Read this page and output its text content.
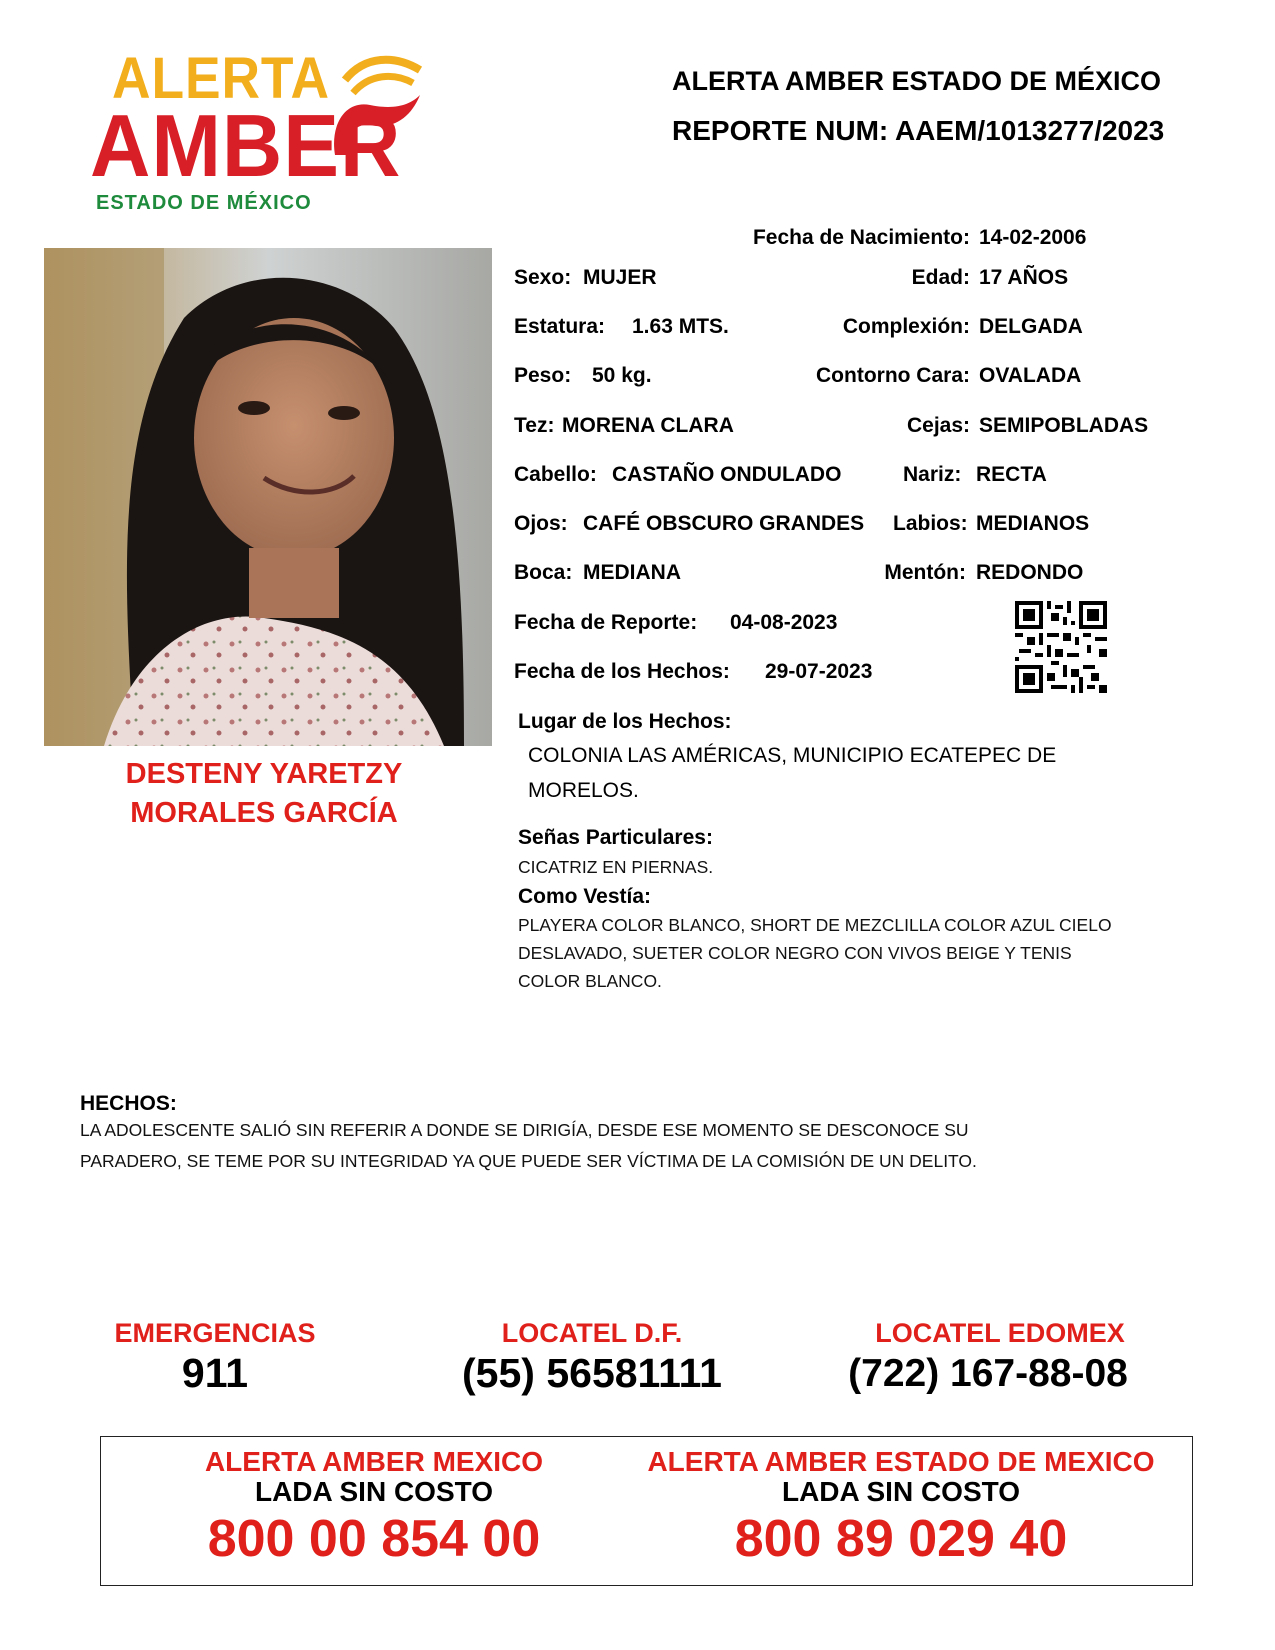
ALERTA
AMBER
ESTADO DE MÉXICO
ALERTA AMBER ESTADO DE MÉXICO
REPORTE NUM: AAEM/1013277/2023
DESTENY YARETZY
MORALES GARCÍA
Fecha de Nacimiento: 14-02-2006
Sexo: MUJER	Edad: 17 AÑOS
Estatura: 1.63 MTS.	Complexión: DELGADA
Peso: 50 kg.	Contorno Cara: OVALADA
Tez: MORENA CLARA	Cejas: SEMIPOBLADAS
Cabello: CASTAÑO ONDULADO	Nariz: RECTA
Ojos: CAFÉ OBSCURO GRANDES Labios: MEDIANOS
Boca: MEDIANA	Mentón: REDONDO
Fecha de Reporte: 04-08-2023
Fecha de los Hechos: 29-07-2023
Lugar de los Hechos:
COLONIA LAS AMÉRICAS, MUNICIPIO ECATEPEC DE
MORELOS.
Señas Particulares:
CICATRIZ EN PIERNAS.
Como Vestía:
PLAYERA COLOR BLANCO, SHORT DE MEZCLILLA COLOR AZUL CIELO
DESLAVADO, SUETER COLOR NEGRO CON VIVOS BEIGE Y TENIS
COLOR BLANCO.
HECHOS:
LA ADOLESCENTE SALIÓ SIN REFERIR A DONDE SE DIRIGÍA, DESDE ESE MOMENTO SE DESCONOCE SU
PARADERO, SE TEME POR SU INTEGRIDAD YA QUE PUEDE SER VÍCTIMA DE LA COMISIÓN DE UN DELITO.
EMERGENCIAS
911
LOCATEL D.F.
(55) 56581111
LOCATEL EDOMEX
(722) 167-88-08
ALERTA AMBER MEXICO
LADA SIN COSTO
800 00 854 00
ALERTA AMBER ESTADO DE MEXICO
LADA SIN COSTO
800 89 029 40
